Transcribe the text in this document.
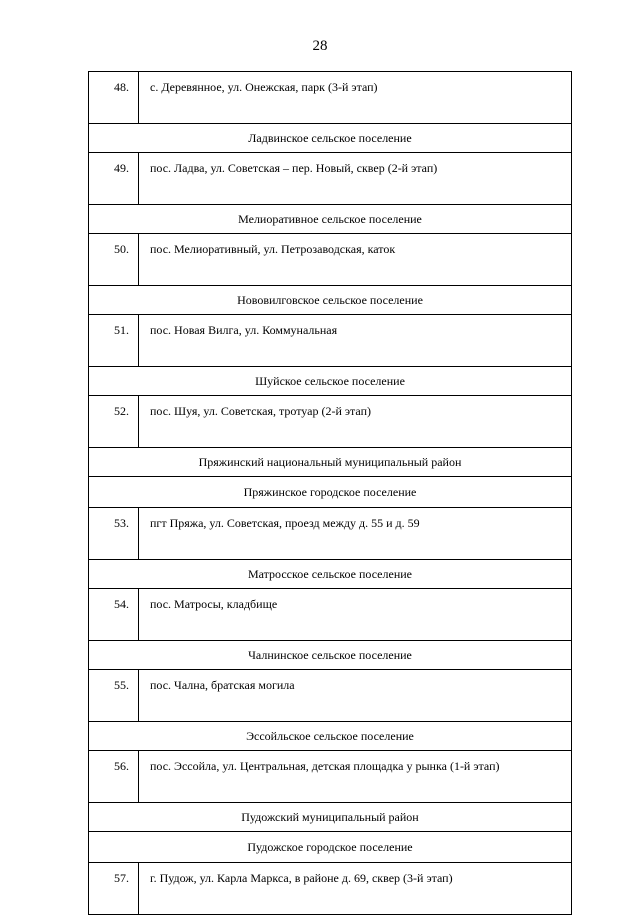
28
48.	с. Деревянное, ул. Онежская, парк (3-й этап)
Ладвинское сельское поселение	
49.	пос. Ладва, ул. Советская – пер. Новый, сквер (2-й этап)
Мелиоративное сельское поселение	
50.	пос. Мелиоративный, ул. Петрозаводская, каток
Нововилговское сельское поселение	
51.	пос. Новая Вилга, ул. Коммунальная
Шуйское сельское поселение	
52.	пос. Шуя, ул. Советская, тротуар (2-й этап)
Пряжинский национальный муниципальный район	
Пряжинское городское поселение	
53.	пгт Пряжа, ул. Советская, проезд между д. 55 и д. 59
Матросское сельское поселение	
54.	пос. Матросы, кладбище
Чалнинское сельское поселение	
55.	пос. Чална, братская могила
Эссойльское сельское поселение	
56.	пос. Эссойла, ул. Центральная, детская площадка у рынка (1-й этап)
Пудожский муниципальный район	
Пудожское городское поселение	
57.	г. Пудож, ул. Карла Маркса, в районе д. 69, сквер (3-й этап)
